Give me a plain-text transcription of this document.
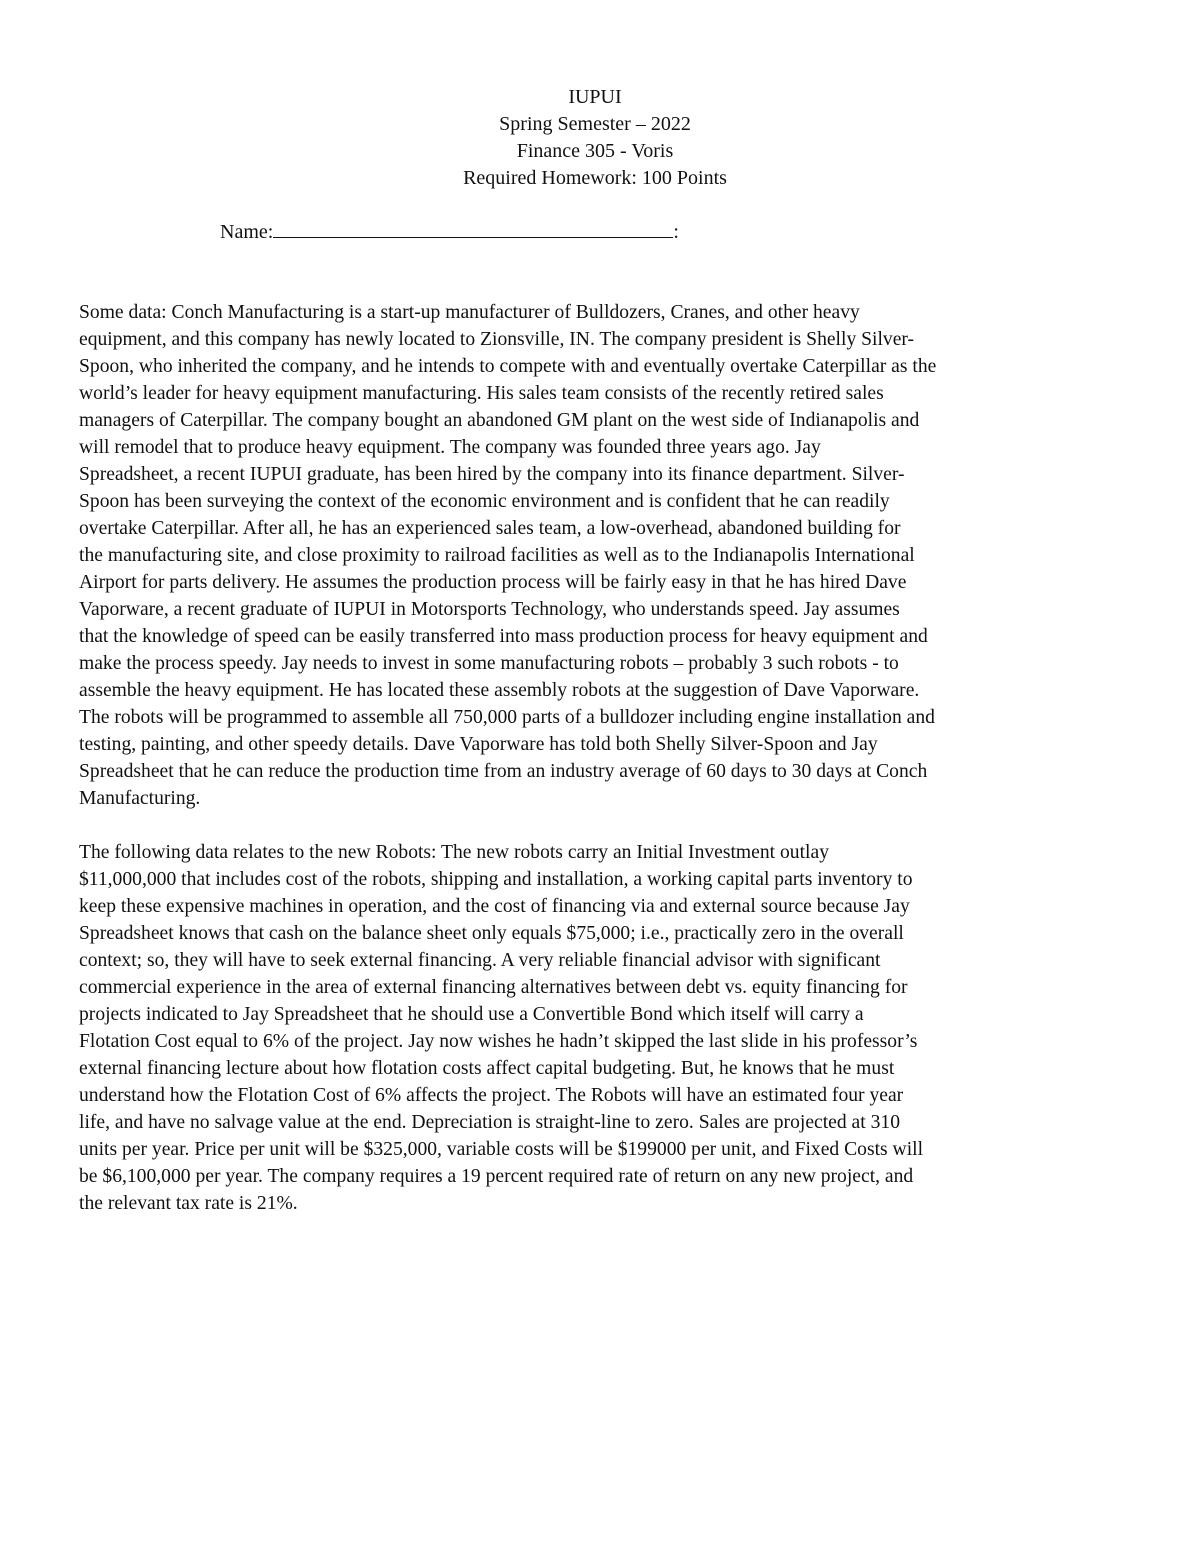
IUPUI
Spring Semester – 2022
Finance 305 - Voris
Required Homework: 100 Points
Name:	:
Some data: Conch Manufacturing is a start-up manufacturer of Bulldozers, Cranes, and other heavy
equipment, and this company has newly located to Zionsville, IN. The company president is Shelly Silver-
Spoon, who inherited the company, and he intends to compete with and eventually overtake Caterpillar as the
world’s leader for heavy equipment manufacturing. His sales team consists of the recently retired sales
managers of Caterpillar. The company bought an abandoned GM plant on the west side of Indianapolis and
will remodel that to produce heavy equipment. The company was founded three years ago. Jay
Spreadsheet, a recent IUPUI graduate, has been hired by the company into its finance department. Silver-
Spoon has been surveying the context of the economic environment and is confident that he can readily
overtake Caterpillar. After all, he has an experienced sales team, a low-overhead, abandoned building for
the manufacturing site, and close proximity to railroad facilities as well as to the Indianapolis International
Airport for parts delivery. He assumes the production process will be fairly easy in that he has hired Dave
Vaporware, a recent graduate of IUPUI in Motorsports Technology, who understands speed. Jay assumes
that the knowledge of speed can be easily transferred into mass production process for heavy equipment and
make the process speedy. Jay needs to invest in some manufacturing robots – probably 3 such robots - to
assemble the heavy equipment. He has located these assembly robots at the suggestion of Dave Vaporware.
The robots will be programmed to assemble all 750,000 parts of a bulldozer including engine installation and
testing, painting, and other speedy details. Dave Vaporware has told both Shelly Silver-Spoon and Jay
Spreadsheet that he can reduce the production time from an industry average of 60 days to 30 days at Conch
Manufacturing.
The following data relates to the new Robots: The new robots carry an Initial Investment outlay
$11,000,000 that includes cost of the robots, shipping and installation, a working capital parts inventory to
keep these expensive machines in operation, and the cost of financing via and external source because Jay
Spreadsheet knows that cash on the balance sheet only equals $75,000; i.e., practically zero in the overall
context; so, they will have to seek external financing. A very reliable financial advisor with significant
commercial experience in the area of external financing alternatives between debt vs. equity financing for
projects indicated to Jay Spreadsheet that he should use a Convertible Bond which itself will carry a
Flotation Cost equal to 6% of the project. Jay now wishes he hadn’t skipped the last slide in his professor’s
external financing lecture about how flotation costs affect capital budgeting. But, he knows that he must
understand how the Flotation Cost of 6% affects the project. The Robots will have an estimated four year
life, and have no salvage value at the end. Depreciation is straight-line to zero. Sales are projected at 310
units per year. Price per unit will be $325,000, variable costs will be $199000 per unit, and Fixed Costs will
be $6,100,000 per year. The company requires a 19 percent required rate of return on any new project, and
the relevant tax rate is 21%.
